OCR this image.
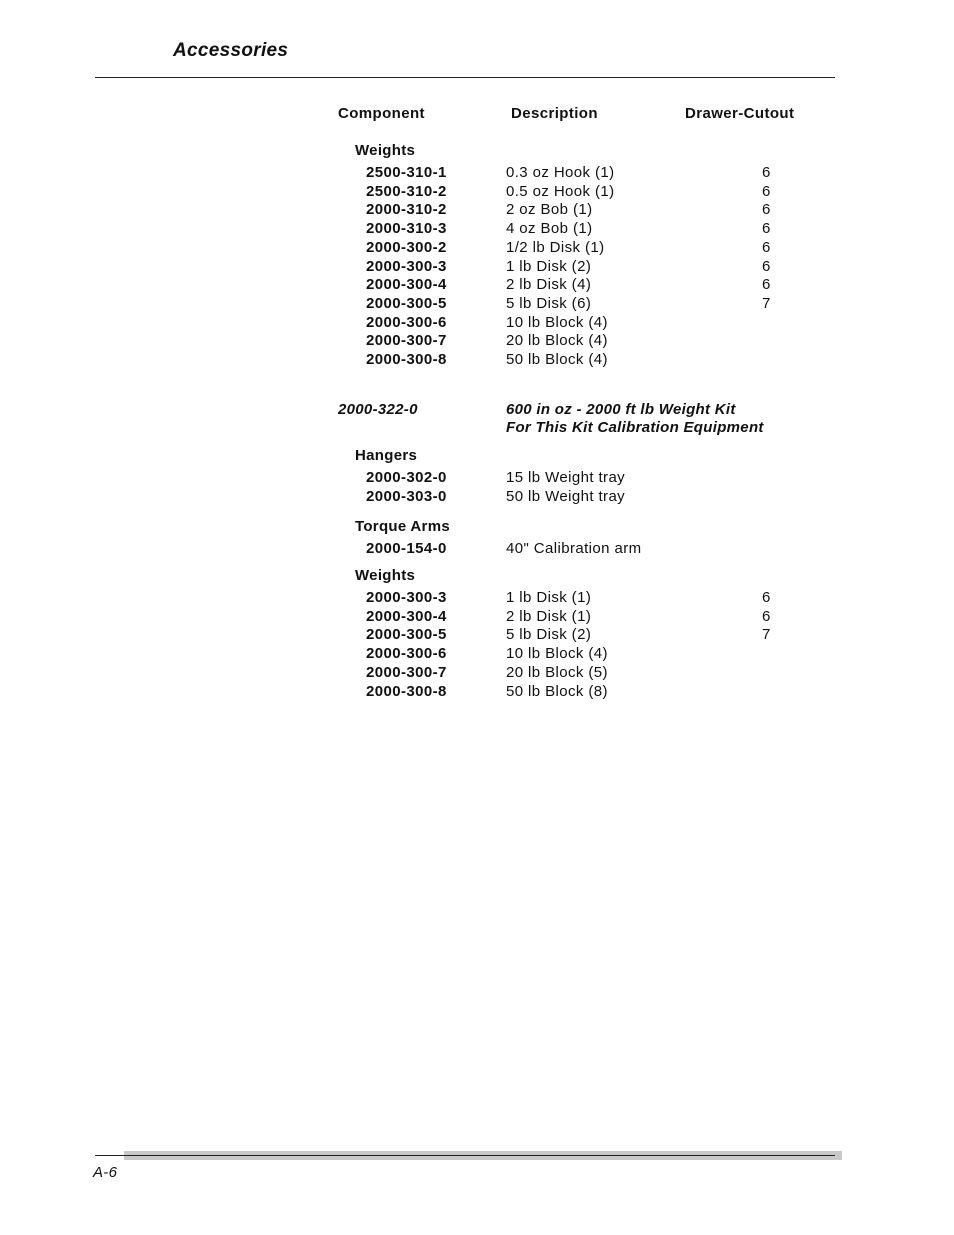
Accessories
Component	Description	Drawer-Cutout
Weights
2500-310-1	0.3 oz Hook (1)	6
2500-310-2	0.5 oz Hook (1)	6
2000-310-2	2 oz Bob (1)	6
2000-310-3	4 oz Bob (1)	6
2000-300-2	1/2 lb Disk (1)	6
2000-300-3	1 lb Disk (2)	6
2000-300-4	2 lb Disk (4)	6
2000-300-5	5 lb Disk (6)	7
2000-300-6	10 lb Block (4)
2000-300-7	20 lb Block (4)
2000-300-8	50 lb Block (4)
2000-322-0	600 in oz - 2000 ft lb Weight Kit
For This Kit Calibration Equipment
Hangers
2000-302-0	15 lb Weight tray
2000-303-0	50 lb Weight tray
Torque Arms
2000-154-0	40" Calibration arm
Weights
2000-300-3	1 lb Disk (1)	6
2000-300-4	2 lb Disk (1)	6
2000-300-5	5 lb Disk (2)	7
2000-300-6	10 lb Block (4)
2000-300-7	20 lb Block (5)
2000-300-8	50 lb Block (8)
A-6
